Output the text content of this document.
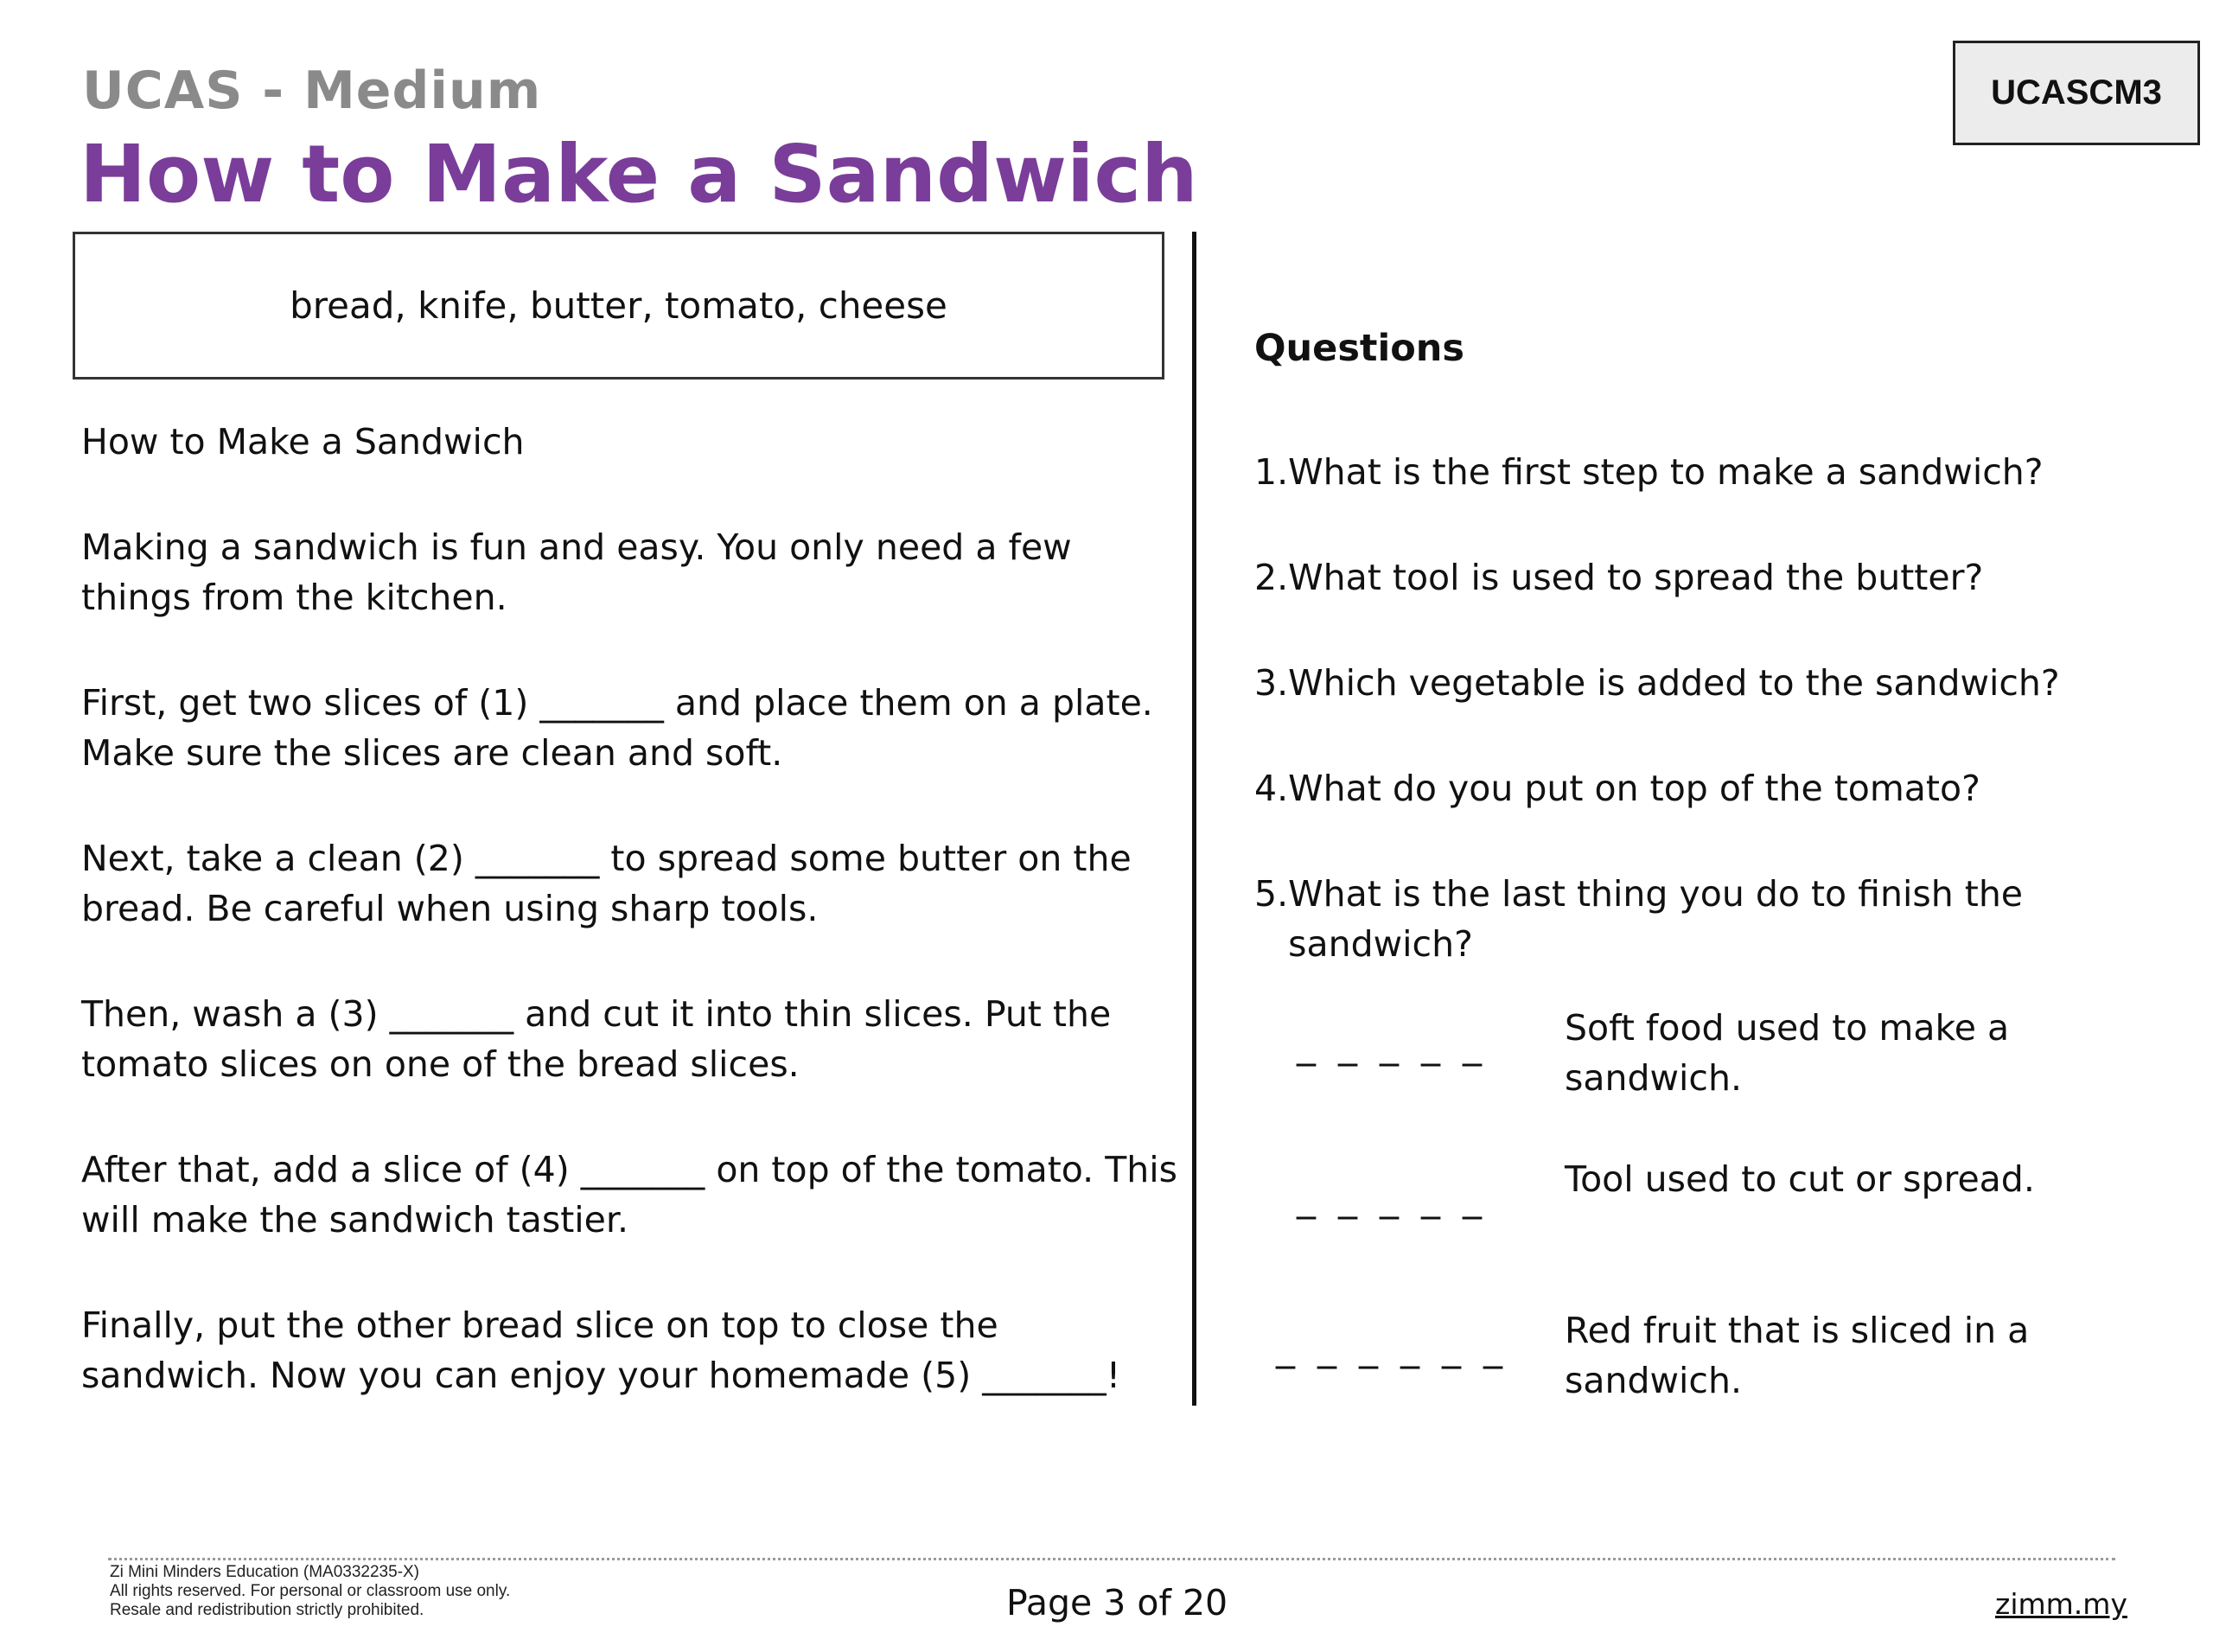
UCAS - Medium
How to Make a Sandwich
UCASCM3
bread, knife, butter, tomato, cheese

How to Make a Sandwich

Making a sandwich is fun and easy. You only need a few things from the kitchen.

First, get two slices of (1) _______ and place them on a plate. Make sure the slices are clean and soft.

Next, take a clean (2) _______ to spread some butter on the bread. Be careful when using sharp tools.

Then, wash a (3) _______ and cut it into thin slices. Put the tomato slices on one of the bread slices.

After that, add a slice of (4) _______ on top of the tomato. This will make the sandwich tastier.

Finally, put the other bread slice on top to close the sandwich. Now you can enjoy your homemade (5) _______!

Questions
1. What is the first step to make a sandwich?
2. What tool is used to spread the butter?
3. Which vegetable is added to the sandwich?
4. What do you put on top of the tomato?
5. What is the last thing you do to finish the sandwich?
_ _ _ _ _	Soft food used to make a sandwich.
_ _ _ _ _	Tool used to cut or spread.
_ _ _ _ _ _	Red fruit that is sliced in a sandwich.
Zi Mini Minders Education (MA0332235-X)
All rights reserved. For personal or classroom use only.
Resale and redistribution strictly prohibited.	Page 3 of 20	zimm.my
